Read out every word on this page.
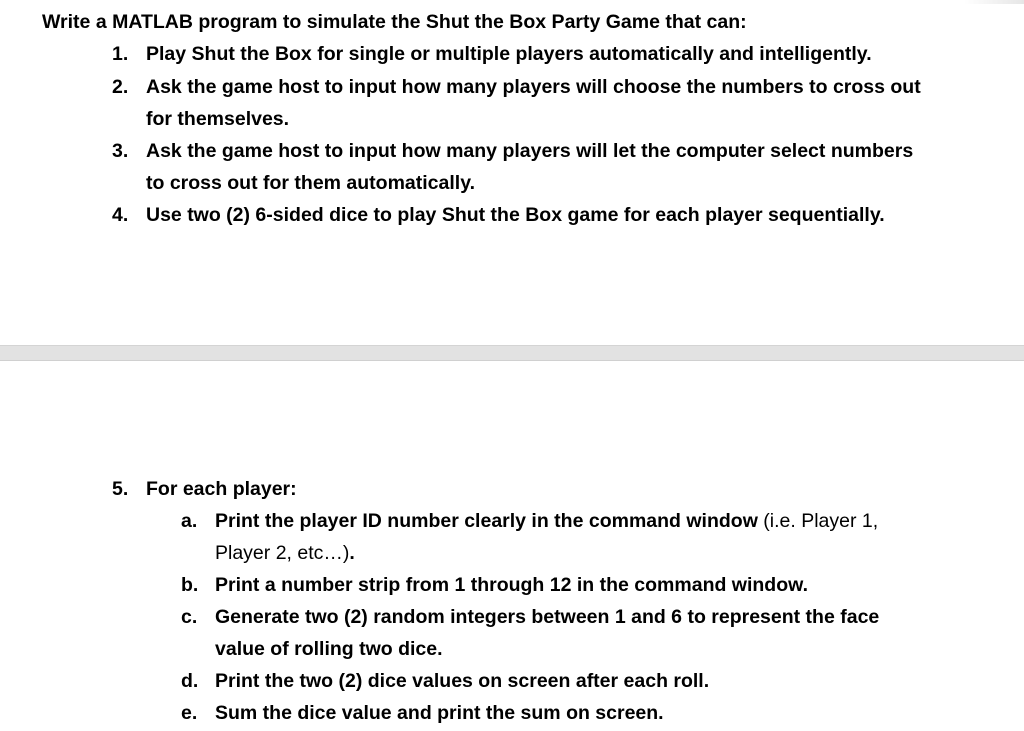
Write a MATLAB program to simulate the Shut the Box Party Game that can:
1. Play Shut the Box for single or multiple players automatically and intelligently.
2. Ask the game host to input how many players will choose the numbers to cross out
for themselves.
3. Ask the game host to input how many players will let the computer select numbers
to cross out for them automatically.
4. Use two (2) 6-sided dice to play Shut the Box game for each player sequentially.
5. For each player:
a. Print the player ID number clearly in the command window (i.e. Player 1,
Player 2, etc…).
b. Print a number strip from 1 through 12 in the command window.
c. Generate two (2) random integers between 1 and 6 to represent the face
value of rolling two dice.
d. Print the two (2) dice values on screen after each roll.
e. Sum the dice value and print the sum on screen.
